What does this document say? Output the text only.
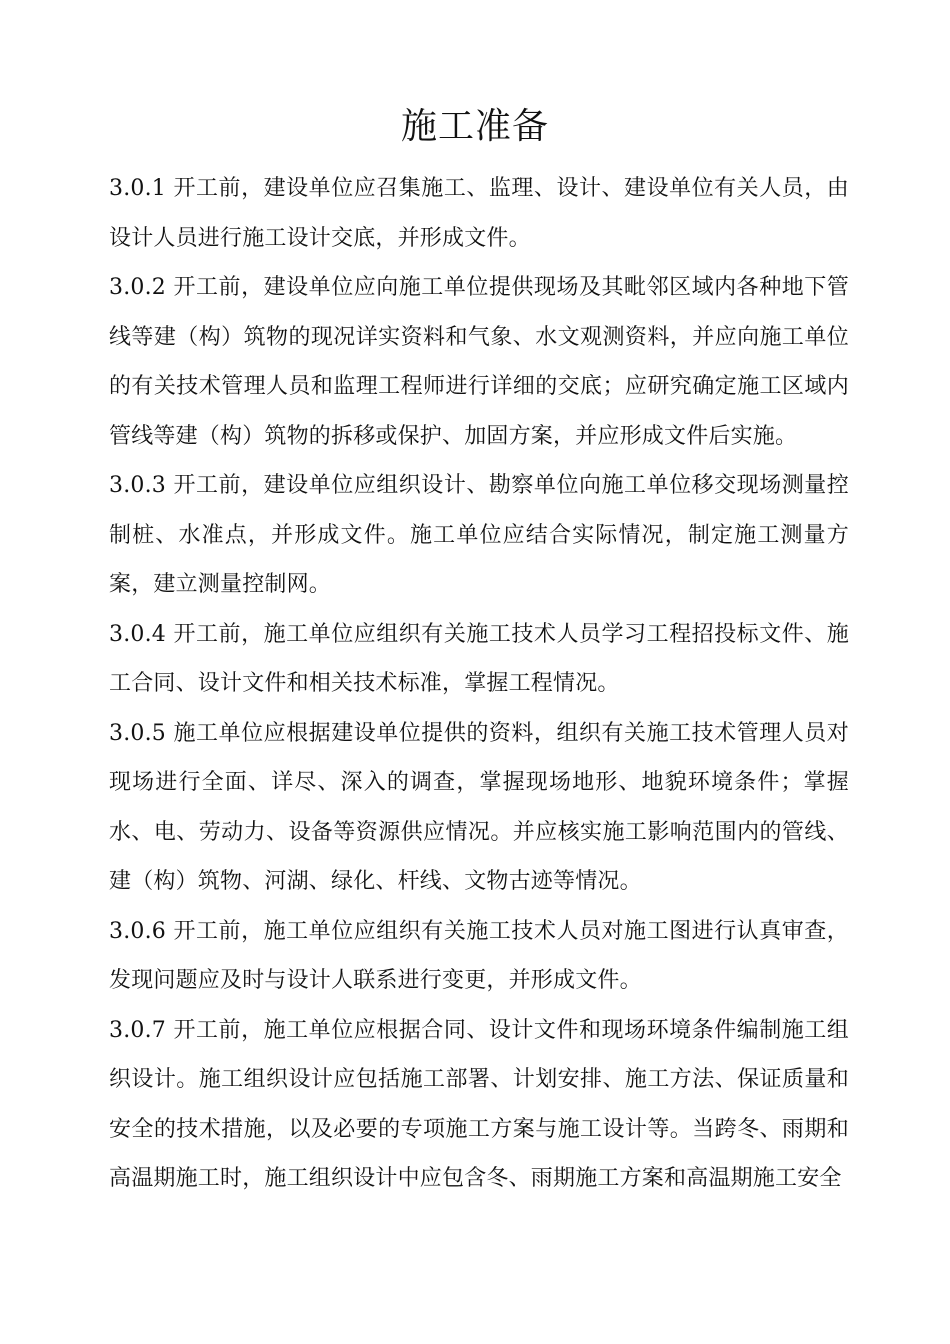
施工准备

3.0.1 开工前，建设单位应召集施工、监理、设计、建设单位有关人员，由设计人员进行施工设计交底，并形成文件。

3.0.2 开工前，建设单位应向施工单位提供现场及其毗邻区域内各种地下管线等建（构）筑物的现况详实资料和气象、水文观测资料，并应向施工单位的有关技术管理人员和监理工程师进行详细的交底；应研究确定施工区域内管线等建（构）筑物的拆移或保护、加固方案，并应形成文件后实施。

3.0.3 开工前，建设单位应组织设计、勘察单位向施工单位移交现场测量控制桩、水准点，并形成文件。施工单位应结合实际情况，制定施工测量方案，建立测量控制网。

3.0.4 开工前，施工单位应组织有关施工技术人员学习工程招投标文件、施工合同、设计文件和相关技术标准，掌握工程情况。

3.0.5 施工单位应根据建设单位提供的资料，组织有关施工技术管理人员对现场进行全面、详尽、深入的调查，掌握现场地形、地貌环境条件；掌握水、电、劳动力、设备等资源供应情况。并应核实施工影响范围内的管线、建（构）筑物、河湖、绿化、杆线、文物古迹等情况。

3.0.6 开工前，施工单位应组织有关施工技术人员对施工图进行认真审查，发现问题应及时与设计人联系进行变更，并形成文件。

3.0.7 开工前，施工单位应根据合同、设计文件和现场环境条件编制施工组织设计。施工组织设计应包括施工部署、计划安排、施工方法、保证质量和安全的技术措施，以及必要的专项施工方案与施工设计等。当跨冬、雨期和高温期施工时，施工组织设计中应包含冬、雨期施工方案和高温期施工安全
